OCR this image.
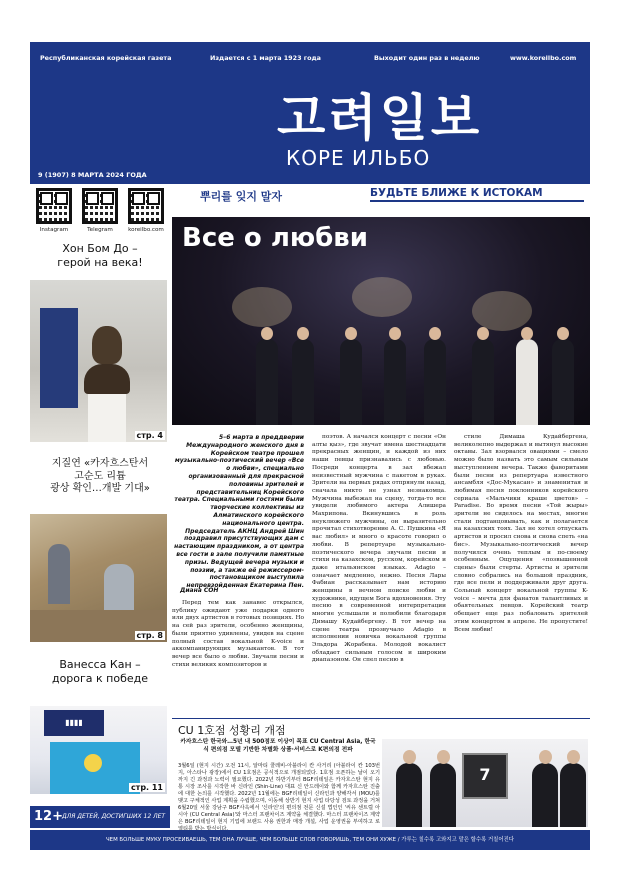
Республиканская корейская газета	Издается с 1 марта 1923 года	Выходит один раз в неделю	www.koreilbo.com
고려일보
КОРЕ ИЛЬБО
9 (1907) 8 МАРТА 2024 ГОДА
뿌리를 잊지 말자	БУДЬТЕ БЛИЖЕ К ИСТОКАМ
Instagram	Telegram	koreilbo.com
Хон Бом До –
герой на века!
стр. 4
지질연 «카자흐스탄서
고순도 리튬
광상 확인…개발 기대»
стр. 8
Ванесса Кан –
дорога к победе
▮▮▮▮
стр. 11
12+ ДЛЯ ДЕТЕЙ, ДОСТИГШИХ 12 ЛЕТ
Все о любви
5–6 марта в преддверии Международного женского дня в Корейском театре прошел музыкально-поэтический вечер «Все о любви», специально организованный для прекрасной половины зрителей и представительниц Корейского театра. Специальными гостями были творческие коллективы из Алматинского корейского национального центра. Председатель АКНЦ Андрей Шин поздравил присутствующих дам с настающим праздником, а от центра все гости в зале получили памятные призы. Ведущей вечера музыки и поэзии, а также её режиссером-постановщиком выступила непревзойденная Екатерина Пен.
Диана СОН

Перед тем как занавес открылся, публику ожидают уже подарки одного или двух артистов в готовых позициях. Но на сей раз зрители, особенно женщины, были приятно удивлены, увидев на сцене полный состав вокальной K-voice и аккомпанирующих музыкантов. В тот вечер все было о любви. Звучали песни и стихи великих композиторов и

поэтов. А начался концерт с песни «Он алты қыз», где звучат имена шестнадцати прекрасных женщин, и каждой из них наши певцы признавались с любовью. Посреди концерта в зал вбежал неизвестный мужчина с пакетом в руках. Зрители на первых рядах отпрянули назад, сначала никто не узнал незнакомца. Мужчина выбежал на сцену, тогда-то все увидели любимого актера Алишера Махрипова. Вкинувшись в роль неуклюжего мужчины, он выразительно прочитал стихотворение А. С. Пушкина «Я вас любил» и много о красоте говорил о любви. В репертуаре музыкально-поэтического вечера звучали песни и стихи на казахском, русском, корейском и даже итальянском языках. Adagio – означает медленно, нежно. Песня Лары Фабиан рассказывает нам историю женщины в вечном поиске любви и художнике, идущем Бога вдохновения. Эту песню в современной интерпретации многие услышали и полюбили благодаря Димашу Кудайбергену. В тот вечер на сцене театра прозвучало Adagio в исполнении новичка вокальной группы Эльдора Жорабека. Молодой вокалист обладает сильным голосом и широким диапазоном. Он спел песню в

стиле Димаша Кудайбергена, великолепно выдержал и вытянул высокие октавы. Зал взорвался овациями – смело можно было назвать это самым сильным выступлением вечера. Также фаворитами были песни из репертуара известного ансамбля «Дос-Мукасан» и знаменитая и любимая песня поклонников корейского сериала «Мальчики краше цветов» – Paradise. Во время песни «Той жыры» зрители не сиделось на местах, многие стали подтанцовывать, как и полагается на казахских тоях. Зал не хотел отпускать артистов и просил снова и снова спеть «на бис». Музыкально-поэтический вечер получился очень теплым и по-своему особенным. Ощущения «позвышенной сцены» были стерты. Артисты и зрители словно собрались на большой праздник, где все пели и поддерживали друг друга. Сольный концерт вокальной группы K-voice – мечта для фанатов талантливых и обаятельных певцов. Корейский театр обещает еще раз побаловать зрителей этим концертом в апреле. Не пропустите! Всем любви!

CU 1호점 성황리 개점
카자흐스탄 한국와…5년 내 500점포 이상이 목표 CU Central Asia, 한국식 편의점 모델 기반한 차별화 상품·서비스로 K편의점 전파
3월6일 (현지 시간) 오전 11시, 알마티 쿨레비-아블라이 칸 사거리 (아블라이 칸 103번지, 아스타나 광장)에서 CU 1호점은 공식적으로 개점되었다. 1호점 오픈하는 날이 오기 까지 긴 과정과 노력이 필요했다. 2022년 하반기부터 BGF리테일은 카자흐스탄 현지 유통 시장 조사를 시작한 바 신라인 (Shin-Line) 대표 신 안드레이와 함께 카자흐스탄 진출에 대한 논의를 시작했다. 2022년 11월에는 BGF리테일이 신라인과 양해각서 (MOU)를 맺고 구체적인 사업 계획을 수립했으며, 이동해 상반기 현지 사업 타당성 검토 과정을 거쳐 6월20일 서울 강남구 BGF사옥에서 '신라인'의 편의점 전문 신설 법인인 '씨유 센트럴 아시아 (CU Central Asia)'와 마스터 프랜차이즈 계약을 체결했다. 마스터 프랜차이즈 계약은 BGF리테일이 현지 기업에 브랜드 사용 권한과 매장 개설, 사업 운영권을 부여하고 로
7
ЧЕМ БОЛЬШЕ МУКУ ПРОСЕИВАЕШЬ, ТЕМ ОНА ЛУЧШЕ, ЧЕМ БОЛЬШЕ СЛОВ ГОВОРИШЬ, ТЕМ ОНИ ХУЖЕ / 가루는 칠수록 고와지고 말은 할수록 거칠어진다
